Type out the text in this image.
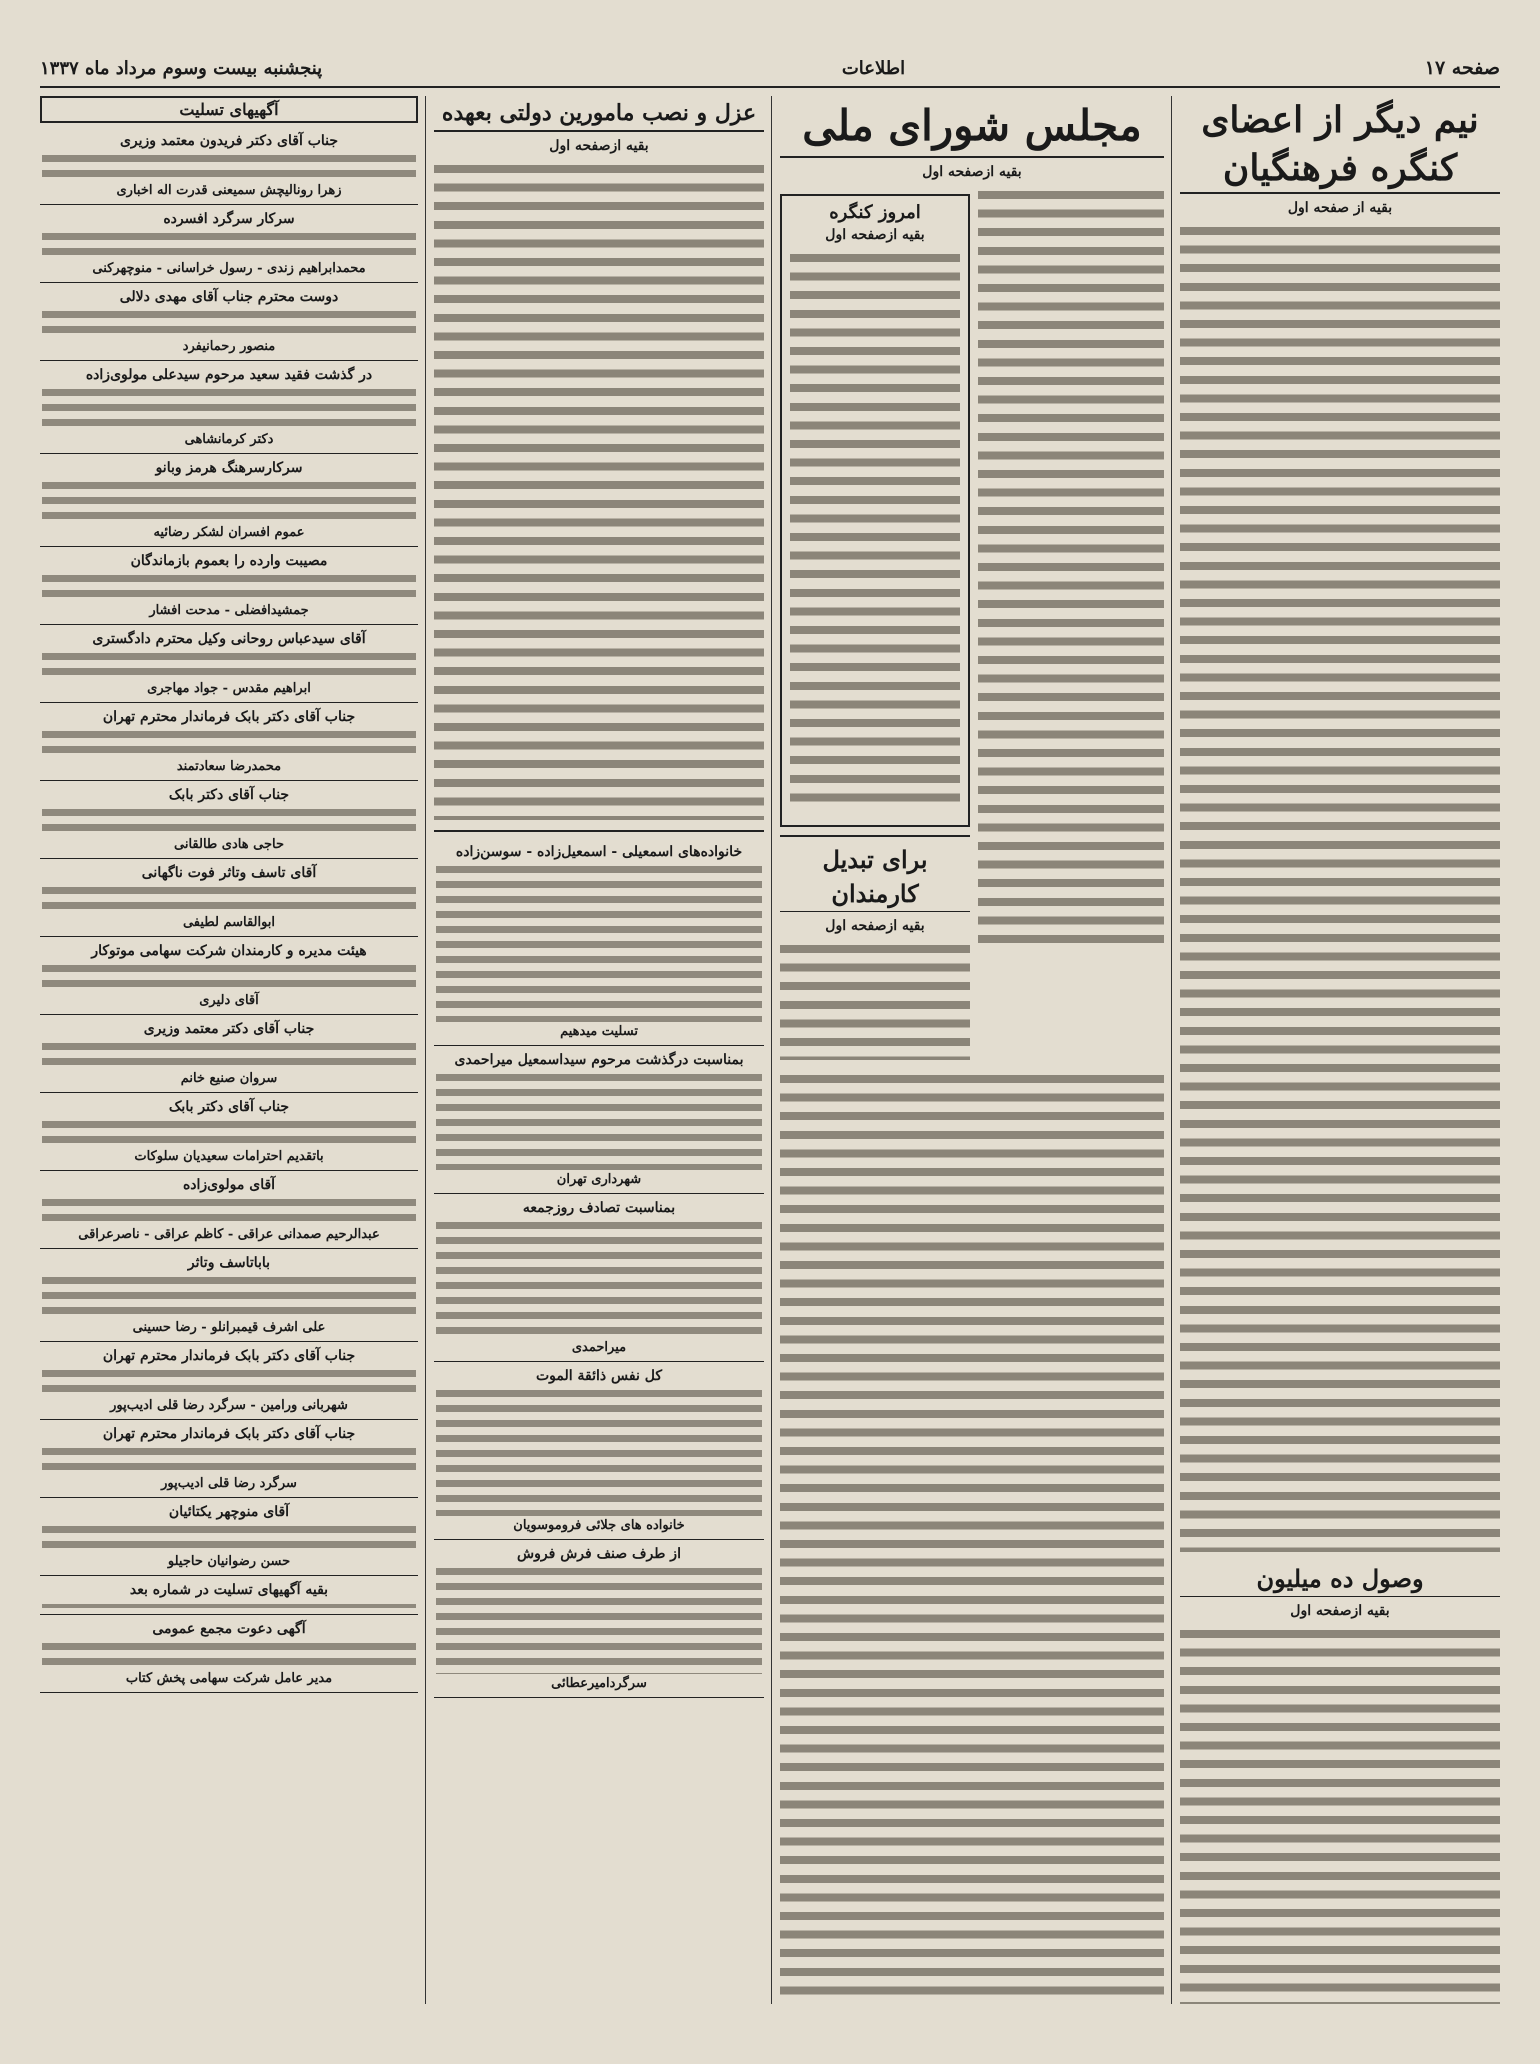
صفحه ۱۷
اطلاعات
پنجشنبه بیست وسوم مرداد ماه ۱۳۳۷
نیم دیگر از اعضای کنگره فرهنگیان
بقیه از صفحه اول
وصول ده میلیون
بقیه ازصفحه اول
مجلس شورای ملی
بقیه ازصفحه اول
امروز کنگره
بقیه ازصفحه اول
برای تبدیل کارمندان
بقیه ازصفحه اول
عزل و نصب مامورین دولتی بعهده
بقیه ازصفحه اول
خانواده‌های اسمعیلی - اسمعیل‌زاده - سوسن‌زاده
تسلیت میدهیم
بمناسبت درگذشت مرحوم سیداسمعیل میراحمدی
شهرداری تهران
بمناسبت تصادف روزجمعه
میراحمدی
کل نفس ذائقة الموت
خانواده های جلائی فروموسویان
از طرف صنف فرش فروش
سرگردامیرعطائی
آگهیهای تسلیت
جناب آقای دکتر فریدون معتمد وزیری
زهرا رونالیچش سمیعنی قدرت اله اخباری
سرکار سرگرد افسرده
محمدابراهیم زندی - رسول خراسانی - منوچهرکنی
دوست محترم جناب آقای مهدی دلالی
منصور رحمانیفرد
در گذشت فقید سعید مرحوم سیدعلی مولوی‌زاده
دکتر کرمانشاهی
سرکارسرهنگ هرمز وبانو
عموم افسران لشکر رضائیه
مصیبت وارده را بعموم بازماندگان
جمشیدافضلی - مدحت افشار
آقای سیدعباس روحانی وکیل محترم دادگستری
ابراهیم مقدس - جواد مهاجری
جناب آقای دکتر بابک فرماندار محترم تهران
محمدرضا سعادتمند
جناب آقای دکتر بابک
حاجی هادی طالقانی
آقای تاسف وتاثر فوت ناگهانی
ابوالقاسم لطیفی
هیئت مدیره و کارمندان شرکت سهامی موتوکار
آقای دلیری
جناب آقای دکتر معتمد وزیری
سروان صنیع خانم
جناب آقای دکتر بابک
باتقدیم احترامات سعیدیان سلوکات
آقای مولوی‌زاده
عبدالرحیم صمدانی عراقی - کاظم عراقی - ناصرعراقی
باباتاسف وتاثر
علی اشرف قیمبرانلو - رضا حسینی
جناب آقای دکتر بابک فرماندار محترم تهران
شهربانی ورامین - سرگرد رضا قلی ادیب‌پور
جناب آقای دکتر بابک فرماندار محترم تهران
سرگرد رضا قلی ادیب‌پور
آقای منوچهر یکتائیان
حسن رضوانیان حاجیلو
بقیه آگهیهای تسلیت در شماره بعد
آگهی دعوت مجمع عمومی
مدیر عامل شرکت سهامی پخش کتاب
